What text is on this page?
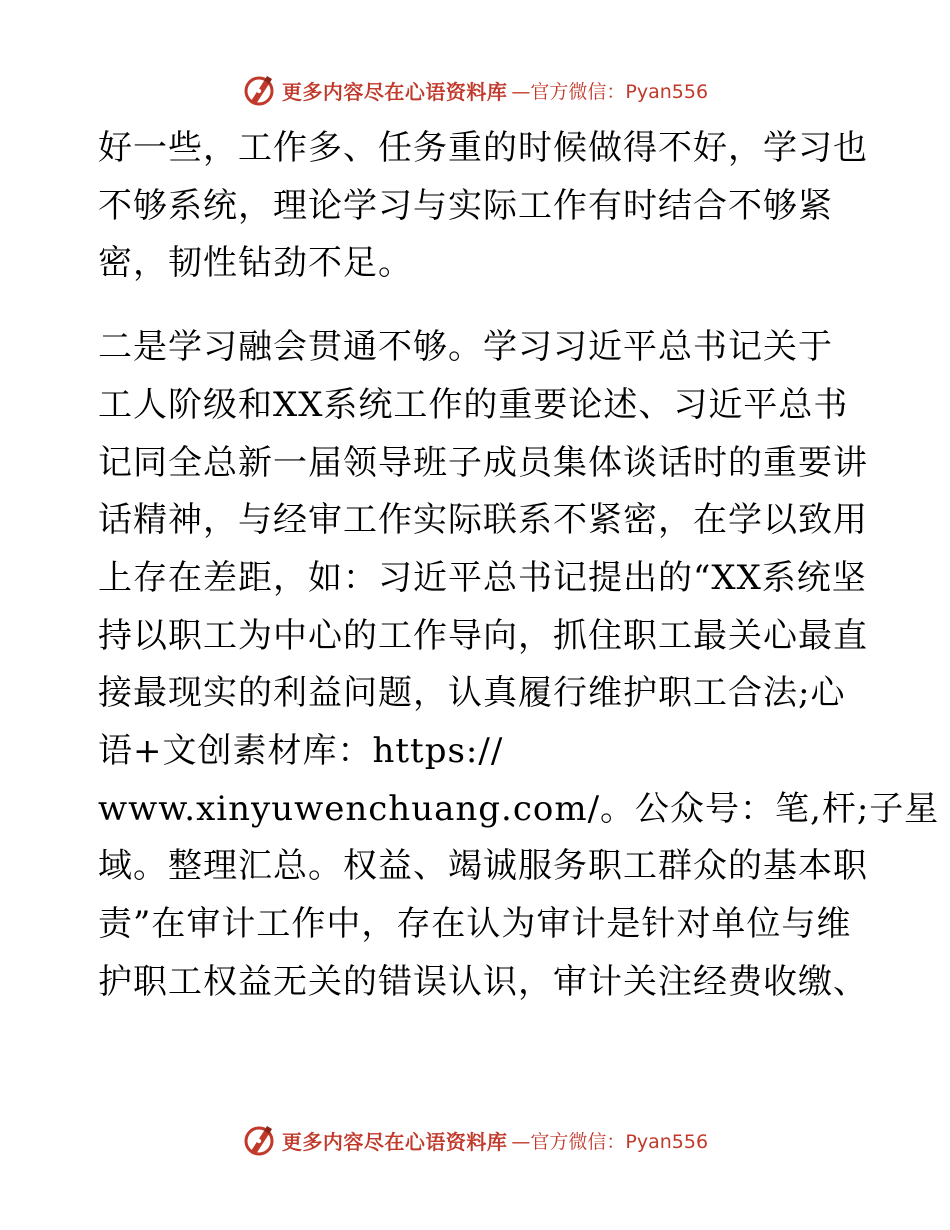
更多内容尽在心语资料库 —官方微信：Pyan556

好一些，工作多、任务重的时候做得不好，学习也

不够系统，理论学习与实际工作有时结合不够紧

密，韧性钻劲不足。

二是学习融会贯通不够。学习习近平总书记关于

工人阶级和XX系统工作的重要论述、习近平总书

记同全总新一届领导班子成员集体谈话时的重要讲

话精神，与经审工作实际联系不紧密，在学以致用

上存在差距，如：习近平总书记提出的“XX系统坚

持以职工为中心的工作导向，抓住职工最关心最直

接最现实的利益问题，认真履行维护职工合法;心

语+文创素材库：https://

www.xinyuwenchuang.com/。公众号：笔,杆;子星

域。整理汇总。权益、竭诚服务职工群众的基本职

责”在审计工作中，存在认为审计是针对单位与维

护职工权益无关的错误认识，审计关注经费收缴、

更多内容尽在心语资料库 —官方微信：Pyan556
